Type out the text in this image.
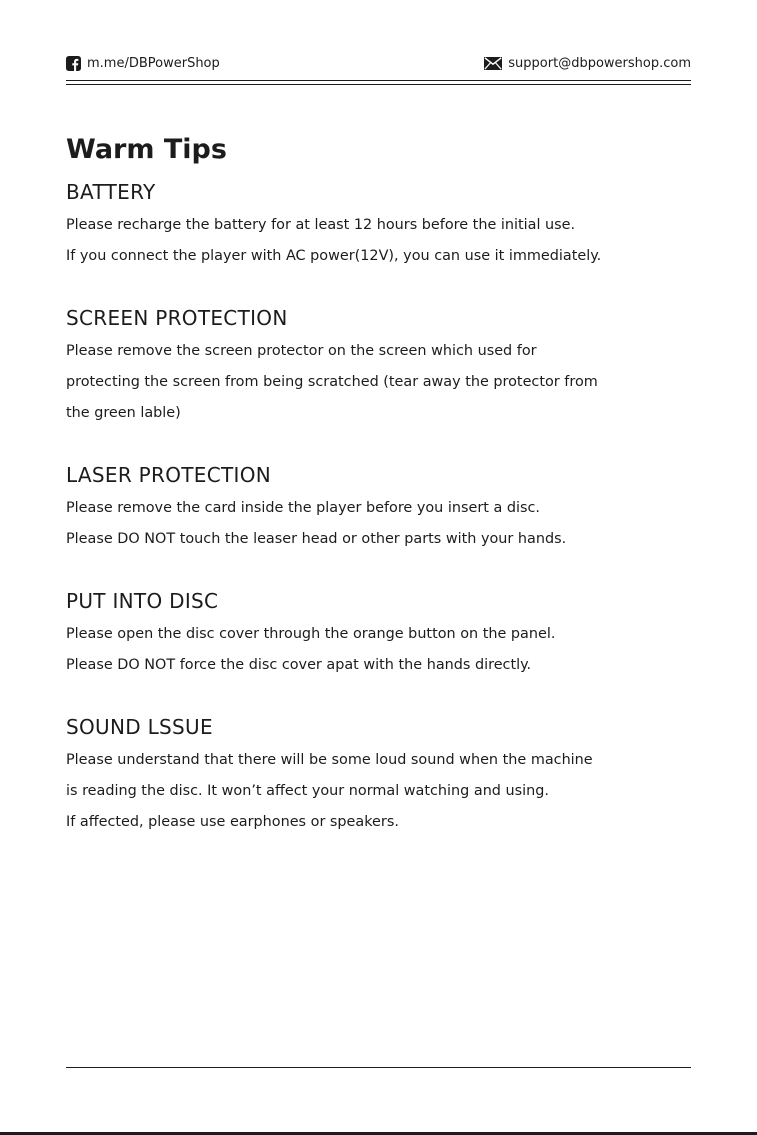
m.me/DBPowerShop	support@dbpowershop.com
Warm Tips
BATTERY
Please recharge the battery for at least 12 hours before the initial use.
If you connect the player with AC power(12V), you can use it immediately.
SCREEN PROTECTION
Please remove the screen protector on the screen which used for
protecting the screen from being scratched (tear away the protector from
the green lable)
LASER PROTECTION
Please remove the card inside the player before you insert a disc.
Please DO NOT touch the leaser head or other parts with your hands.
PUT INTO DISC
Please open the disc cover through the orange button on the panel.
Please DO NOT force the disc cover apat with the hands directly.
SOUND LSSUE
Please understand that there will be some loud sound when the machine
is reading the disc. It won’t affect your normal watching and using.
If affected, please use earphones or speakers.
